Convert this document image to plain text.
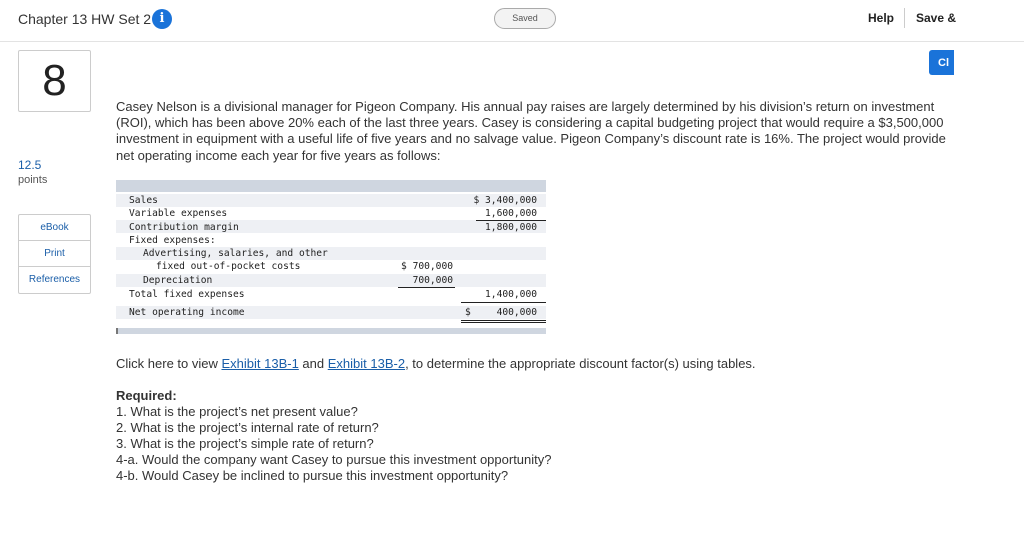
Chapter 13 HW Set 2 i	Saved	Help Save &
Cl
8
12.5
points
eBook
Print
References
Casey Nelson is a divisional manager for Pigeon Company. His annual pay raises are largely determined by his division’s return on investment (ROI), which has been above 20% each of the last three years. Casey is considering a capital budgeting project that would require a $3,500,000 investment in equipment with a useful life of five years and no salvage value. Pigeon Company’s discount rate is 16%. The project would provide net operating income each year for five years as follows:
Sales	$ 3,400,000
Variable expenses	1,600,000
Contribution margin	1,800,000
Fixed expenses:
Advertising, salaries, and other
fixed out-of-pocket costs	$ 700,000
Depreciation	700,000
Total fixed expenses	1,400,000
Net operating income	$	400,000
Click here to view Exhibit 13B-1 and Exhibit 13B-2, to determine the appropriate discount factor(s) using tables.
Required:
1. What is the project’s net present value?
2. What is the project’s internal rate of return?
3. What is the project’s simple rate of return?
4-a. Would the company want Casey to pursue this investment opportunity?
4-b. Would Casey be inclined to pursue this investment opportunity?
